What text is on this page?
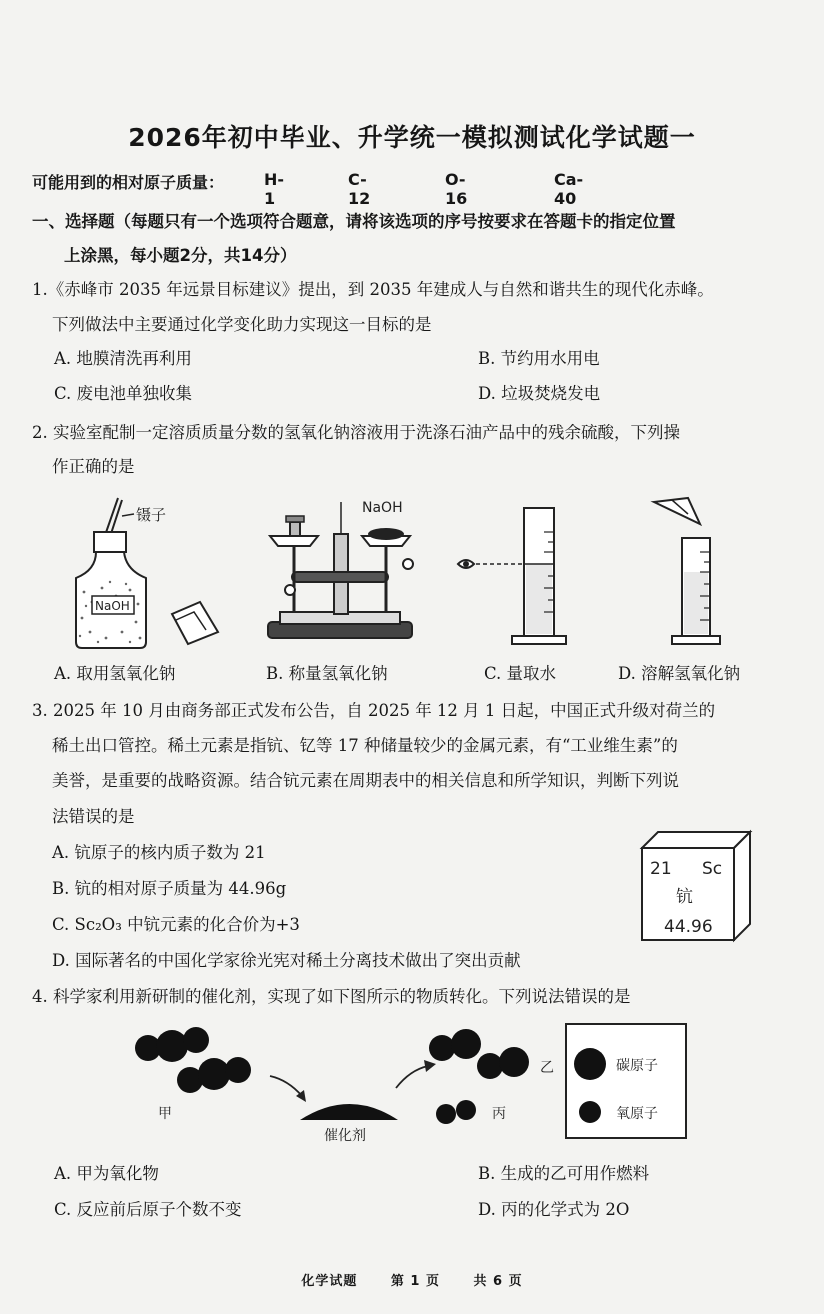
2026年初中毕业、升学统一模拟测试化学试题一
可能用到的相对原子质量： H-1
C-12
O-16
Ca-40
一、选择题（每题只有一个选项符合题意，请将该选项的序号按要求在答题卡的指定位置
上涂黑，每小题2分，共14分）
1.《赤峰市 2035 年远景目标建议》提出，到 2035 年建成人与自然和谐共生的现代化赤峰。
下列做法中主要通过化学变化助力实现这一目标的是
A. 地膜清洗再利用	B. 节约用水用电
C. 废电池单独收集	D. 垃圾焚烧发电
2. 实验室配制一定溶质质量分数的氢氧化钠溶液用于洗涤石油产品中的残余硫酸，下列操
作正确的是
镊子
NaOH
NaOH
A. 取用氢氧化钠	B. 称量氢氧化钠	C. 量取水	D. 溶解氢氧化钠
3. 2025 年 10 月由商务部正式发布公告，自 2025 年 12 月 1 日起，中国正式升级对荷兰的
稀土出口管控。稀土元素是指钪、钇等 17 种储量较少的金属元素，有“工业维生素”的
美誉，是重要的战略资源。结合钪元素在周期表中的相关信息和所学知识，判断下列说
法错误的是
A. 钪原子的核内质子数为 21
B. 钪的相对原子质量为 44.96g
C. Sc₂O₃ 中钪元素的化合价为+3
D. 国际著名的中国化学家徐光宪对稀土分离技术做出了突出贡献
21 Sc
钪
44.96
4. 科学家利用新研制的催化剂，实现了如下图所示的物质转化。下列说法错误的是
甲
催化剂
乙
丙
碳原子
氧原子
A. 甲为氧化物	B. 生成的乙可用作燃料
C. 反应前后原子个数不变	D. 丙的化学式为 2O
化学试题	第 1 页	共 6 页
